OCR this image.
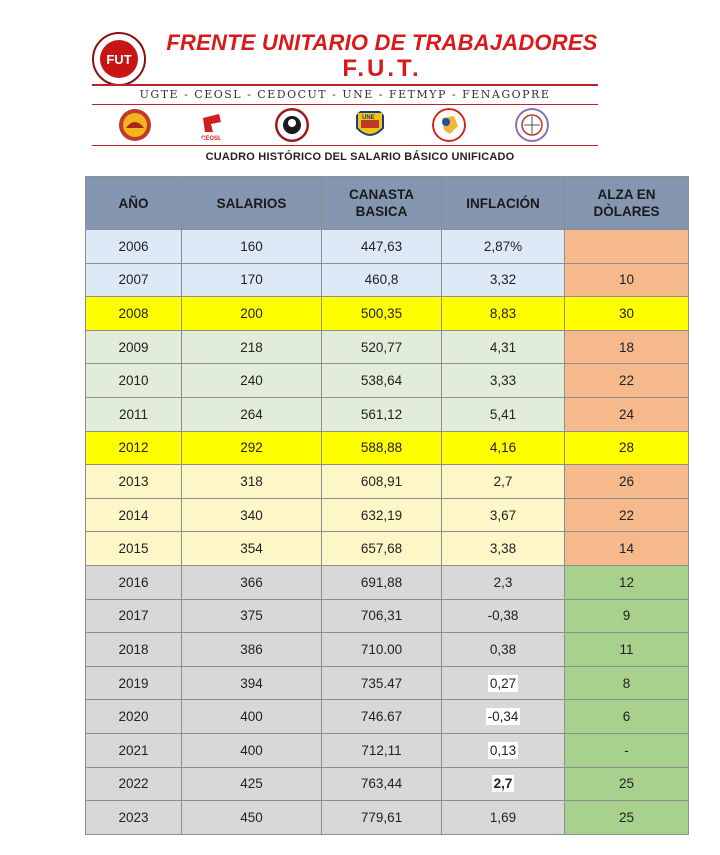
FUT
FRENTE UNITARIO DE TRABAJADORES
F.U.T.
UGTE - CEOSL - CEDOCUT - UNE - FETMYP - FENAGOPRE
CEOSL
UNE
CUADRO HISTÓRICO DEL SALARIO BÁSICO UNIFICADO
AÑO	SALARIOS	CANASTA BASICA	INFLACIÓN	ALZA EN DÒLARES
2006	160	447,63	2,87%	
2007	170	460,8	3,32	10
2008	200	500,35	8,83	30
2009	218	520,77	4,31	18
2010	240	538,64	3,33	22
2011	264	561,12	5,41	24
2012	292	588,88	4,16	28
2013	318	608,91	2,7	26
2014	340	632,19	3,67	22
2015	354	657,68	3,38	14
2016	366	691,88	2,3	12
2017	375	706,31	-0,38	9
2018	386	710.00	0,38	11
2019	394	735.47	0,27	8
2020	400	746.67	-0,34	6
2021	400	712,11	0,13	-
2022	425	763,44	2,7	25
2023	450	779,61	1,69	25
